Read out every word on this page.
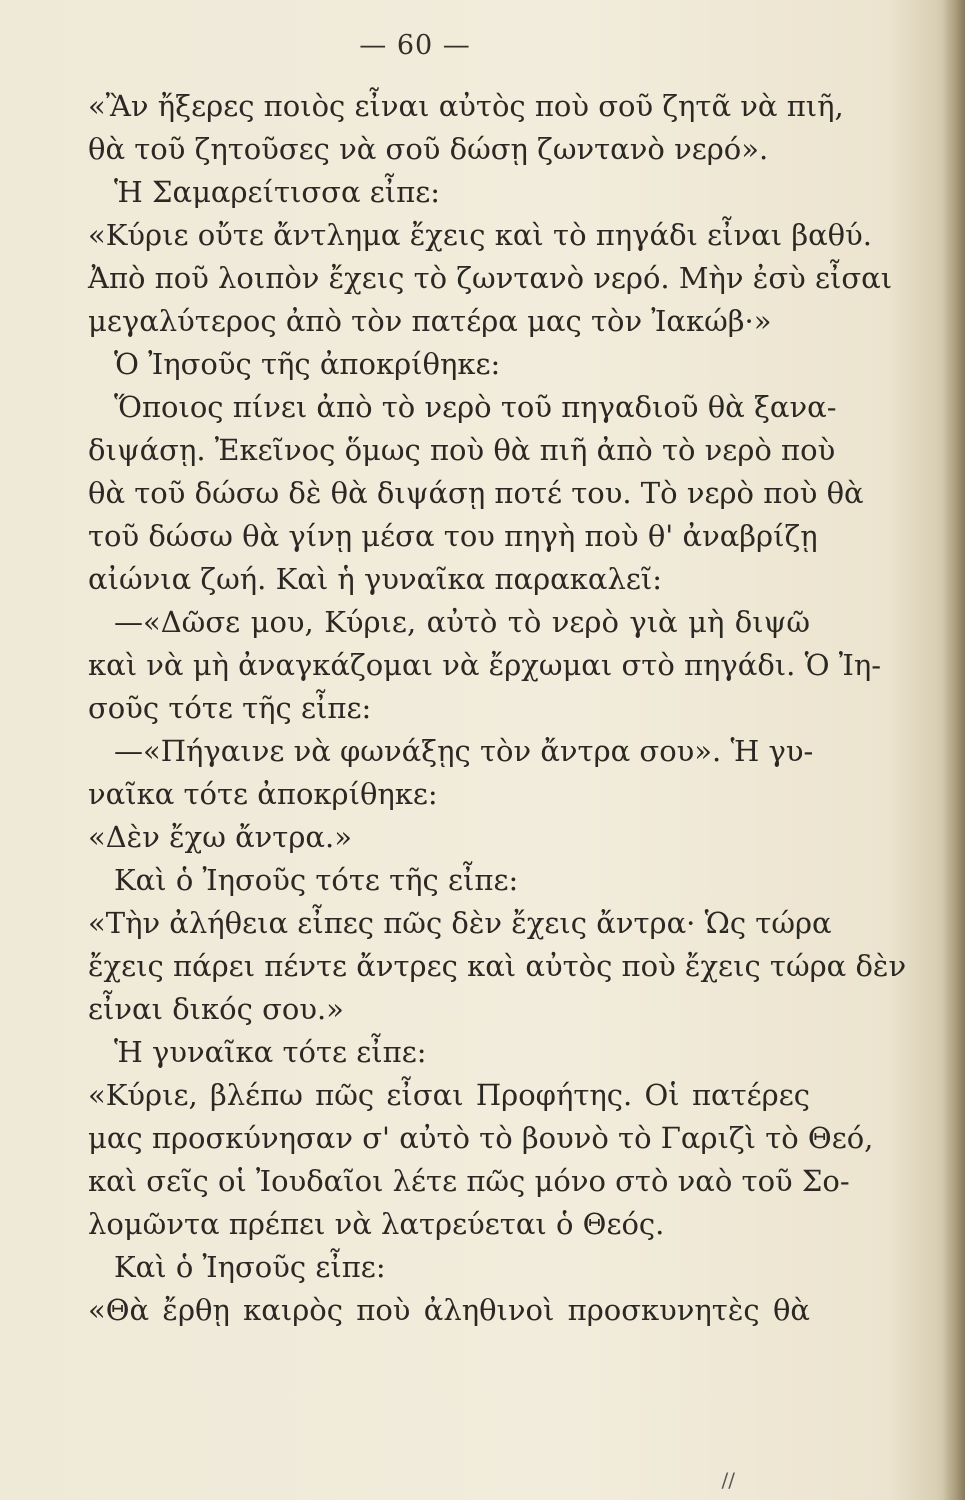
— 60 —
«Ἂν ἤξερες ποιὸς εἶναι αὐτὸς ποὺ σοῦ ζητᾶ νὰ πιῆ,
θὰ τοῦ ζητοῦσες νὰ σοῦ δώσῃ ζωντανὸ νερό».
Ἡ Σαμαρείτισσα εἶπε:
«Κύριε οὔτε ἄντλημα ἔχεις καὶ τὸ πηγάδι εἶναι βαθύ.
Ἀπὸ ποῦ λοιπὸν ἔχεις τὸ ζωντανὸ νερό. Μὴν ἐσὺ εἶσαι
μεγαλύτερος ἀπὸ τὸν πατέρα μας τὸν Ἰακώβ·»
Ὁ Ἰησοῦς τῆς ἀποκρίθηκε:
Ὅποιος πίνει ἀπὸ τὸ νερὸ τοῦ πηγαδιοῦ θὰ ξανα-
διψάσῃ. Ἐκεῖνος ὅμως ποὺ θὰ πιῆ ἀπὸ τὸ νερὸ ποὺ
θὰ τοῦ δώσω δὲ θὰ διψάσῃ ποτέ του. Τὸ νερὸ ποὺ θὰ
τοῦ δώσω θὰ γίνῃ μέσα του πηγὴ ποὺ θ' ἀναβρίζῃ
αἰώνια ζωή. Καὶ ἡ γυναῖκα παρακαλεῖ:
—«Δῶσε μου, Κύριε, αὐτὸ τὸ νερὸ γιὰ μὴ διψῶ
καὶ νὰ μὴ ἀναγκάζομαι νὰ ἔρχωμαι στὸ πηγάδι. Ὁ Ἰη-
σοῦς τότε τῆς εἶπε:
—«Πήγαινε νὰ φωνάξῃς τὸν ἄντρα σου». Ἡ γυ-
ναῖκα τότε ἀποκρίθηκε:
«Δὲν ἔχω ἄντρα.»
Καὶ ὁ Ἰησοῦς τότε τῆς εἶπε:
«Τὴν ἀλήθεια εἶπες πῶς δὲν ἔχεις ἄντρα· Ὡς τώρα
ἔχεις πάρει πέντε ἄντρες καὶ αὐτὸς ποὺ ἔχεις τώρα δὲν
εἶναι δικός σου.»
Ἡ γυναῖκα τότε εἶπε:
«Κύριε, βλέπω πῶς εἶσαι Προφήτης. Οἱ πατέρες
μας προσκύνησαν σ' αὐτὸ τὸ βουνὸ τὸ Γαριζὶ τὸ Θεό,
καὶ σεῖς οἱ Ἰουδαῖοι λέτε πῶς μόνο στὸ ναὸ τοῦ Σο-
λομῶντα πρέπει νὰ λατρεύεται ὁ Θεός.
Καὶ ὁ Ἰησοῦς εἶπε:
«Θὰ ἔρθῃ καιρὸς ποὺ ἀληθινοὶ προσκυνητὲς θὰ
//
